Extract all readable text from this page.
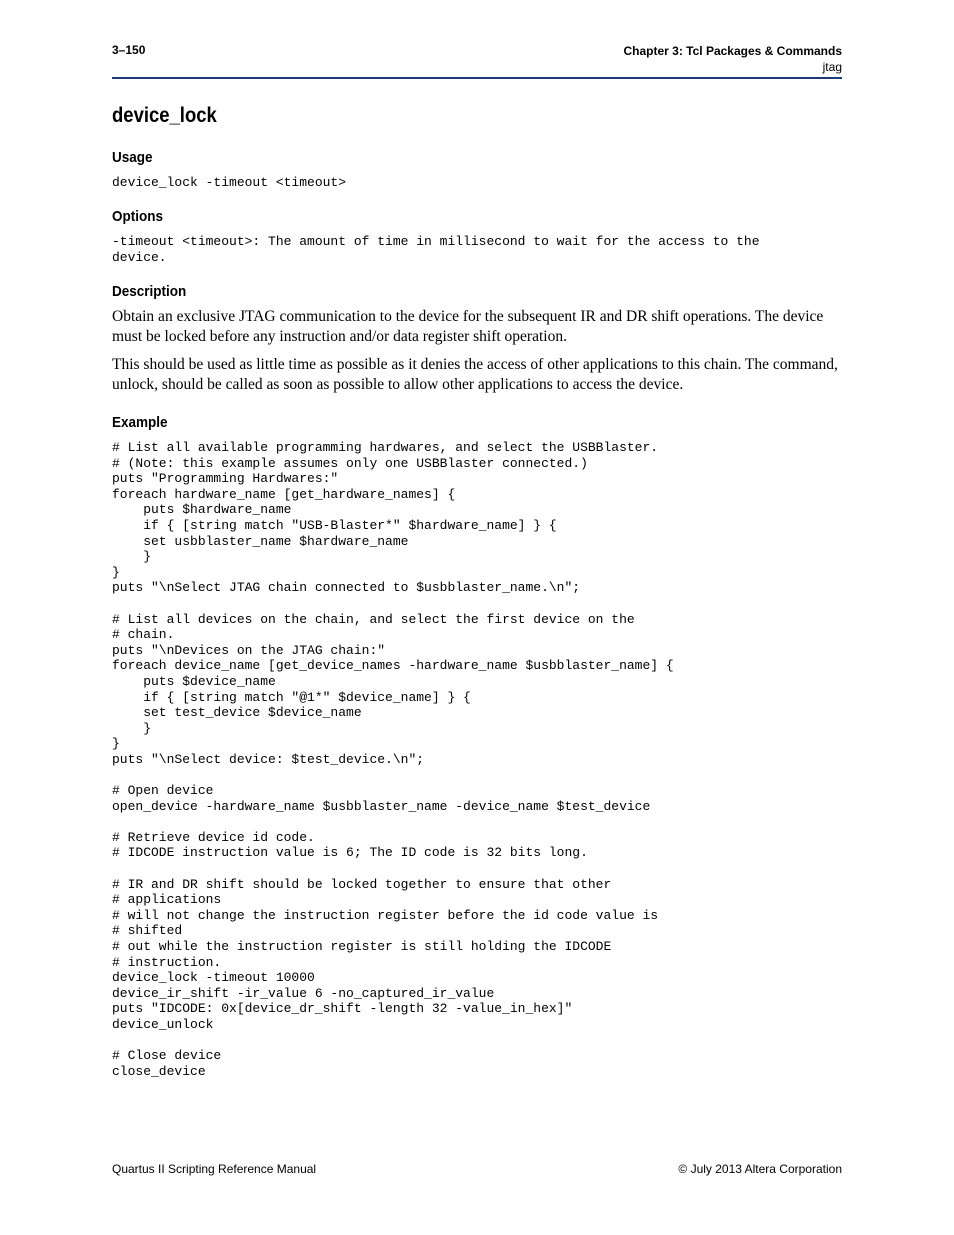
3–150	Chapter 3: Tcl Packages & Commands
jtag
device_lock
Usage
device_lock -timeout <timeout>
Options
-timeout <timeout>: The amount of time in millisecond to wait for the access to the
device.
Description

Obtain an exclusive JTAG communication to the device for the subsequent IR and DR shift operations. The device must be locked before any instruction and/or data register shift operation.

This should be used as little time as possible as it denies the access of other applications to this chain. The command, unlock, should be called as soon as possible to allow other applications to access the device.

Example
# List all available programming hardwares, and select the USBBlaster.
# (Note: this example assumes only one USBBlaster connected.)
puts "Programming Hardwares:"
foreach hardware_name [get_hardware_names] {
puts $hardware_name
if { [string match "USB-Blaster*" $hardware_name] } {
set usbblaster_name $hardware_name
}
}
puts "\nSelect JTAG chain connected to $usbblaster_name.\n";
# List all devices on the chain, and select the first device on the
# chain.
puts "\nDevices on the JTAG chain:"
foreach device_name [get_device_names -hardware_name $usbblaster_name] {
puts $device_name
if { [string match "@1*" $device_name] } {
set test_device $device_name
}
}
puts "\nSelect device: $test_device.\n";
# Open device
open_device -hardware_name $usbblaster_name -device_name $test_device
# Retrieve device id code.
# IDCODE instruction value is 6; The ID code is 32 bits long.
# IR and DR shift should be locked together to ensure that other
# applications
# will not change the instruction register before the id code value is
# shifted
# out while the instruction register is still holding the IDCODE
# instruction.
device_lock -timeout 10000
device_ir_shift -ir_value 6 -no_captured_ir_value
puts "IDCODE: 0x[device_dr_shift -length 32 -value_in_hex]"
device_unlock
# Close device
close_device
Quartus II Scripting Reference Manual	© July 2013 Altera Corporation
